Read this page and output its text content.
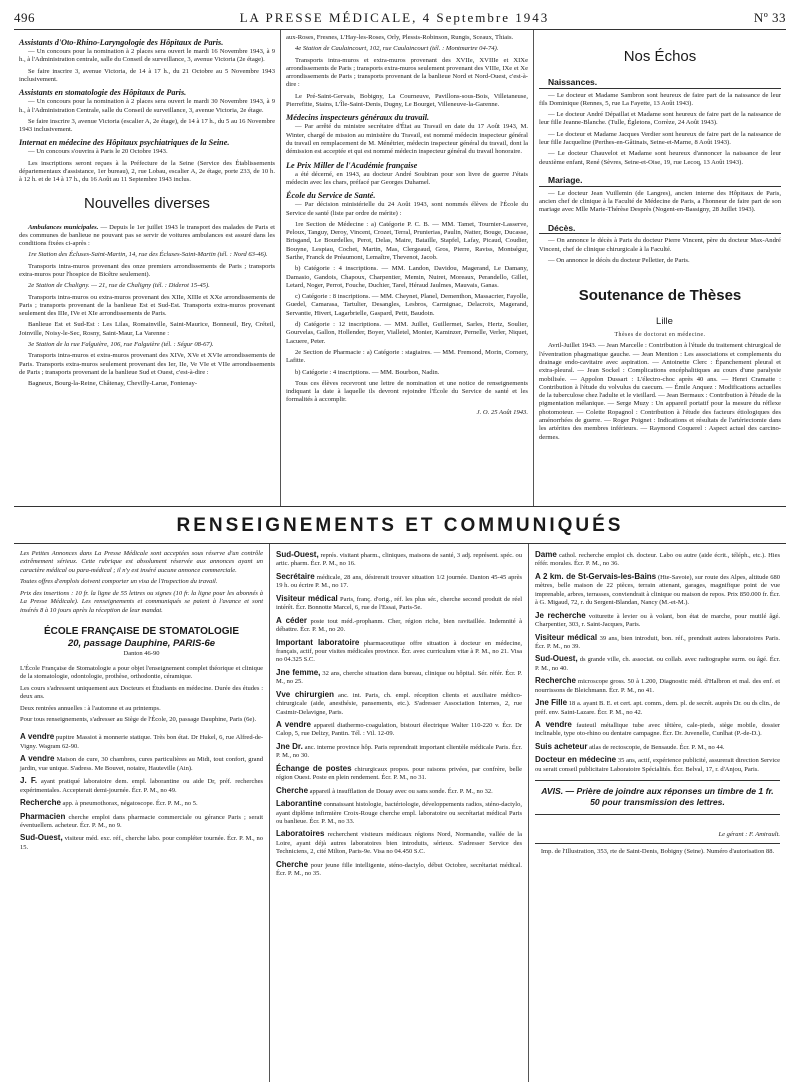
496	LA PRESSE MÉDICALE, 4 Septembre 1943	Nº 33

Assistants d'Oto-Rhino-Laryngologie des Hôpitaux de Paris.

— Un concours pour la nomination à 2 places sera ouvert le mardi 16 Novembre 1943, à 9 h., à l'Administration centrale, salle du Conseil de surveillance, 3, avenue Victoria (2e étage).

Se faire inscrire 3, avenue Victoria, de 14 à 17 h., du 21 Octobre au 5 Novembre 1943 inclusivement.

Assistants en stomatologie des Hôpitaux de Paris.

— Un concours pour la nomination à 2 places sera ouvert le mardi 30 Novembre 1943, à 9 h., à l'Administration Centrale, salle du Conseil de surveillance, 3, avenue Victoria, 2e étage.

Se faire inscrire 3, avenue Victoria (escalier A, 2e étage), de 14 à 17 h., du 5 au 16 Novembre 1943 inclusivement.

Internat en médecine des Hôpitaux psychiatriques de la Seine.

— Un concours s'ouvrira à Paris le 20 Octobre 1943.

Les inscriptions seront reçues à la Préfecture de la Seine (Service des Établissements départementaux d'assistance, 1er bureau), 2, rue Lobau, escalier A, 2e étage, porte 233, de 10 h. à 12 h. et de 14 à 17 h., du 16 Août au 11 Septembre 1943 inclus.

Nouvelles diverses

Ambulances municipales. — Depuis le 1er juillet 1943 le transport des malades de Paris et des communes de banlieue ne pouvant pas se servir de voitures ambulances est assuré dans les conditions fixées ci-après :

1re Station des Écluses-Saint-Martin, 14, rue des Écluses-Saint-Martin (tél. : Nord 63-46).

Transports intra-muros provenant des onze premiers arrondissements de Paris ; transports extra-muros pour l'hospice de Bicêtre seulement).

2e Station de Chaligny. — 21, rue de Chaligny (tél. : Diderot 15-45).

Transports intra-muros ou extra-muros provenant des XIIe, XIIIe et XXe arrondissements de Paris ; transports provenant de la banlieue Est et Sud-Est. Transports extra-muros provenant seulement des IIIe, IVe et XIe arrondissements de Paris.

Banlieue Est et Sud-Est : Les Lilas, Romainville, Saint-Maurice, Bonneuil, Bry, Créteil, Joinville, Noisy-le-Sec, Rosny, Saint-Maur, La Varenne :

3e Station de la rue Falguière, 106, rue Falguière (tél. : Ségur 08-67).

Transports intra-muros et extra-muros provenant des XIVe, XVe et XVIe arrondissements de Paris. Transports extra-muros seulement provenant des Ier, IIe, Ve VIe et VIIe arrondissements de Paris ; transports provenant de la banlieue Sud et Ouest, c'est-à-dire :

Bagneux, Bourg-la-Reine, Châtenay, Chevilly-Larue, Fontenay-

aux-Roses, Fresnes, L'Hay-les-Roses, Orly, Plessis-Robinson, Rungis, Sceaux, Thiais.

4e Station de Caulaincourt, 102, rue Caulaincourt (tél. : Montmartre 04-74).

Transports intra-muros et extra-muros provenant des XVIIe, XVIIIe et XIXe arrondissements de Paris ; transports extra-muros seulement provenant des VIIIe, IXe et Xe arrondissements de Paris ; transports provenant de la banlieue Nord et Nord-Ouest, c'est-à-dire :

Le Pré-Saint-Gervais, Bobigny, La Courneuve, Pavillons-sous-Bois, Villetaneuse, Pierrefitte, Stains, L'Île-Saint-Denis, Dugny, Le Bourget, Villeneuve-la-Garenne.

Médecins inspecteurs généraux du travail.

— Par arrêté du ministre secrétaire d'État au Travail en date du 17 Août 1943, M. Winter, chargé de mission au ministère du Travail, est nommé médecin inspecteur général du travail en remplacement de M. Ménétrier, médecin inspecteur général du travail, dont la démission est acceptée et qui est nommé médecin inspecteur général du travail honoraire.

Le Prix Miller de l'Académie française

a été décerné, en 1943, au docteur André Soubiran pour son livre de guerre J'étais médecin avec les chars, préfacé par Georges Duhamel.

École du Service de Santé.

— Par décision ministérielle du 24 Août 1943, sont nommés élèves de l'École du Service de santé (liste par ordre de mérite) :

1re Section de Médecine : a) Catégorie P. C. B. — MM. Tamet, Tournier-Lasserve, Peloux, Tanguy, Deroy, Vincent, Crozet, Terral, Prunierias, Paulin, Natter, Bouge, Ducasse, Brisgand, Le Bourdelles, Perot, Delas, Maire, Bataille, Stapfel, Lafay, Picaud, Coudier, Bouyne, Lespiau, Cochet, Martin, Mas, Clergeaud, Gros, Pierre, Raviss, Montségur, Sarthe, Franck de Préaumont, Lemaître, Thevenot, Jacob.

b) Catégorie : 4 inscriptions. — MM. Landon, Davidou, Magerand, Le Damany, Damasio, Gandois, Chapoux, Charpentier, Memin, Nuiret, Moreaux, Perandello, Gillet, Letard, Noger, Perrot, Fouche, Duchier, Tarel, Héraud Jaulmes, Mauvais, Ganas.

c) Catégorie : 8 inscriptions. — MM. Cheynet, Planel, Dementhon, Massacrier, Fayolle, Guedel, Camarasa, Tartulier, Desangles, Lesbros, Carmignac, Delacroix, Magerand, Servantie, Hivert, Lagarbrielle, Gaspard, Petit, Baudoin.

d) Catégorie : 12 inscriptions. — MM. Juillet, Guillermet, Sarles, Hertz, Soulier, Gourvelas, Gallon, Hollender, Boyer, Vialletel, Monier, Kaminzer, Pernelle, Verler, Niquet, Lacuere, Peter.

2e Section de Pharmacie : a) Catégorie : stagiaires. — MM. Fremond, Morin, Cornery, Lafitte.

b) Catégorie : 4 inscriptions. — MM. Bourbon, Nadin.

Tous ces élèves recevront une lettre de nomination et une notice de renseignements indiquant la date à laquelle ils devront rejoindre l'École du Service de santé et les formalités à accomplir.

J. O. 25 Août 1943.

Nos Échos

Naissances.

— Le docteur et Madame Sambron sont heureux de faire part de la naissance de leur fils Dominique (Rennes, 5, rue La Fayette, 13 Août 1943).

— Le docteur André Dépaillat et Madame sont heureux de faire part de la naissance de leur fille Jeanne-Blanche. (Tulle, Égletons, Corrèze, 24 Août 1943).

— Le docteur et Madame Jacques Verdier sont heureux de faire part de la naissance de leur fille Jacqueline (Perthes-en-Gâtinais, Seine-et-Marne, 8 Août 1943).

— Le docteur Chauvelot et Madame sont heureux d'annoncer la naissance de leur deuxième enfant, René (Sèvres, Seine-et-Oise, 19, rue Lecoq, 13 Août 1943).

Mariage.

— Le docteur Jean Vuillemin (de Langres), ancien interne des Hôpitaux de Paris, ancien chef de clinique à la Faculté de Médecine de Paris, a l'honneur de faire part de son mariage avec Mlle Marie-Thérèse Desprès (Nogent-en-Bassigny, 28 Juillet 1943).

Décès.

— On annonce le décès à Paris du docteur Pierre Vincent, père du docteur Max-André Vincent, chef de clinique chirurgicale à la Faculté.

— On annonce le décès du docteur Pelletier, de Paris.

Soutenance de Thèses

Lille

Thèses de doctorat en médecine.

Avril-Juillet 1943. — Jean Marcelle : Contribution à l'étude du traitement chirurgical de l'éventration phagmatique gauche. — Jean Mention : Les associations et complements du drainage endo-cavitaire avec aspiration. — Antoinette Clerc : Épanchement pleural et extra-pleural. — Jean Sockel : Complications encéphalitiques au cours d'une paralysie mobilisée. — Appolon Dussart : L'électro-choc après 40 ans. — Henri Cramatte : Contribution à l'étude du volvulus du caecum. — Émile Anquez : Modifications actuelles de la tuberculose chez l'adulte et le vieillard. — Jean Bermaux : Contribution à l'étude de la pigmentation mélanique. — Serge Muzy : Un appareil portatif pour la mesure du réflexe photomoteur. — Colette Ropagnol : Contribution à l'étude des facteurs étiologiques des aménorrhées de guerre. — Roger Poignet : Indications et résultats de l'artériectomie dans les artérites des membres inférieurs. — Raymond Coquerel : Aspect actuel des carcino-dermes.

RENSEIGNEMENTS ET COMMUNIQUÉS

Les Petites Annonces dans La Presse Médicale sont acceptées sous réserve d'un contrôle extrêmement sérieux. Cette rubrique est absolument réservée aux annonces ayant un caractère médical ou para-médical ; il n'y est inséré aucune annonce commerciale.

Toutes offres d'emplois doivent comporter un visa de l'Inspection du travail.

Prix des insertions : 10 fr. la ligne de 55 lettres ou signes (10 fr. la ligne pour les abonnés à La Presse Médicale). Les renseignements et communiqués se paient à l'avance et sont insérés 8 à 10 jours après la réception de leur mandat.

ÉCOLE FRANÇAISE DE STOMATOLOGIE
20, passage Dauphine, PARIS-6e
Danton 46-90

L'École Française de Stomatologie a pour objet l'enseignement complet théorique et clinique de la stomatologie, odontologie, prothèse, orthodontie, céramique.

Les cours s'adressent uniquement aux Docteurs et Étudiants en médecine. Durée des études : deux ans.

Deux rentrées annuelles : à l'automne et au printemps.

Pour tous renseignements, s'adresser au Siège de l'École, 20, passage Dauphine, Paris (6e).

A vendre pupitre Massiot à monnerie statique. Très bon état. Dr Hukel, 6, rue Alfred-de-Vigny. Wagram 62-90.

A vendre Maison de cure, 30 chambres, cures particulières au Midi, tout confort, grand jardin, vue unique. S'adress. Me Bouvet, notaire, Hauteville (Ain).

J. F. ayant pratiqué laboratoire dem. empl. laborantine ou aide Dr, préf. recherches expérimentales. Accepterait demi-journée. Écr. P. M., no 49.

Recherche app. à pneumothorax, négatoscope. Écr. P. M., no 5.

Pharmacien cherche emploi dans pharmacie commerciale ou gérance Paris ; serait éventuellem. acheteur. Écr. P. M., no 9.

Sud-Ouest, visiteur méd. exc. réf., cherche labo. pour compléter tournée. Écr. P. M., no 15.

Sud-Ouest, représ. visitant pharm., cliniques, maisons de santé, 3 adj. représent. spéc. ou artic. pharm. Écr. P. M., no 16.

Secrétaire médicale, 28 ans, désirerait trouver situation 1/2 journée. Danton 45-45 après 19 h. ou écrire P. M., no 17.

Visiteur médical Paris, franç. d'orig., réf. les plus sér., cherche second produit de réel intérêt. Écr. Bonnotte Marcel, 6, rue de l'Essai, Paris-5e.

A céder poste tout méd.-prophanm. Cher, région riche, bien ravitaillée. Indemnité à débattre. Écr. P. M., no 20.

Important laboratoire pharmaceutique offre situation à docteur en médecine, français, actif, pour visites médicales province. Écr. avec curriculum vitæ à P. M., no 21. Visa no 04.325 S.C.

Jne femme, 32 ans, cherche situation dans bureau, clinique ou hôpital. Sér. référ. Écr. P. M., no 25.

Vve chirurgien anc. int. Paris, ch. empl. réception clients et auxiliaire médico-chirurgicale (aide, anesthésie, pansements, etc.). S'adresser Association Internes, 2, rue Casimir-Delavigne, Paris.

A vendre appareil diathermo-coagulation, bistouri électrique Walter 110-220 v. Écr. Dr Calop, 5, rue Delizy, Pantin. Tél. : Vil. 12-09.

Jne Dr. anc. interne province hôp. Paris reprendrait important clientèle médicale Paris. Écr. P. M., no 30.

Échange de postes chirurgicaux propos. pour raisons privées, par confrère, belle région Ouest. Poste en plein rendement. Écr. P. M., no 31.

Cherche appareil à insufflation de Douay avec ou sans sonde. Écr. P. M., no 32.

Laborantine connaissant histologie, bactériologie, développements radios, sténo-dactylo, ayant diplôme infirmière Croix-Rouge cherche empl. laboratoire ou secrétariat médical Paris ou banlieue. Écr. P. M., no 33.

Laboratoires recherchent visiteurs médicaux régions Nord, Normandie, vallée de la Loire, ayant déjà autres laboratoires bien introduits, sérieux. S'adresser Service des Techniciens, 2, cité Milton, Paris-9e. Visa no 04.450 S.C.

Cherche pour jeune fille intelligente, sténo-dactylo, début Octobre, secrétariat médical. Écr. P. M., no 35.

Dame cathol. recherche emploi ch. docteur. Labo ou autre (aide écrit., téléph., etc.). Hies référ. morales. Écr. P. M., no 36.

A 2 km. de St-Gervais-les-Bains (Hte-Savoie), sur route des Alpes, altitude 680 mètres, belle maison de 22 pièces, terrain attenant, garages, magnifique point de vue imprenable, arbres, terrasses, conviendrait à clinique ou maison de repos. Prix 850.000 fr. Écr. à G. Migaud, 72, r. du Sergent-Blandan, Nancy (M.-et-M.).

Je recherche voiturette à levier ou à volant, bon état de marche, pour mutilé âgé. Charpentier, 303, r. Saint-Jacques, Paris.

Visiteur médical 39 ans, bien introduit, bon. réf., prendrait autres laboratoires Paris. Écr. P. M., no 39.

Sud-Ouest, ds grande ville, ch. associat. ou collab. avec radiographe surm. ou âgé. Écr. P. M., no 40.

Recherche microscope gross. 50 à 1.200, Diagnostic méd. d'Halbron et mal. des enf. et nourrissons de Bleichmann. Écr. P. M., no 41.

Jne Fille 18 a. ayant B. E. et cert. apt. comm., dem. pl. de secrét. auprès Dr. ou ds clin., de préf. env. Saint-Lazare. Écr. P. M., no 42.

A vendre fauteuil métallique tube avec têtière, cale-pieds, siège mobile, dossier inclinable, type oto-rhino ou dentaire campagne. Écr. Dr. Juvenelle, Cunlhat (P.-de-D.).

Suis acheteur atlas de rectoscopie, de Bensaude. Écr. P. M., no 44.

Docteur en médecine 35 ans, actif, expérience publicité, assurerait direction Service ou serait conseil publicitaire Laboratoire Spécialités. Écr. Belval, 17, r. d'Anjou, Paris.

AVIS. — Prière de joindre aux réponses un timbre de 1 fr. 50 pour transmission des lettres.
Le gérant : F. Amirault.
Imp. de l'Illustration, 353, rte de Saint-Denis, Bobigny (Seine). Numéro d'autorisation 88.
